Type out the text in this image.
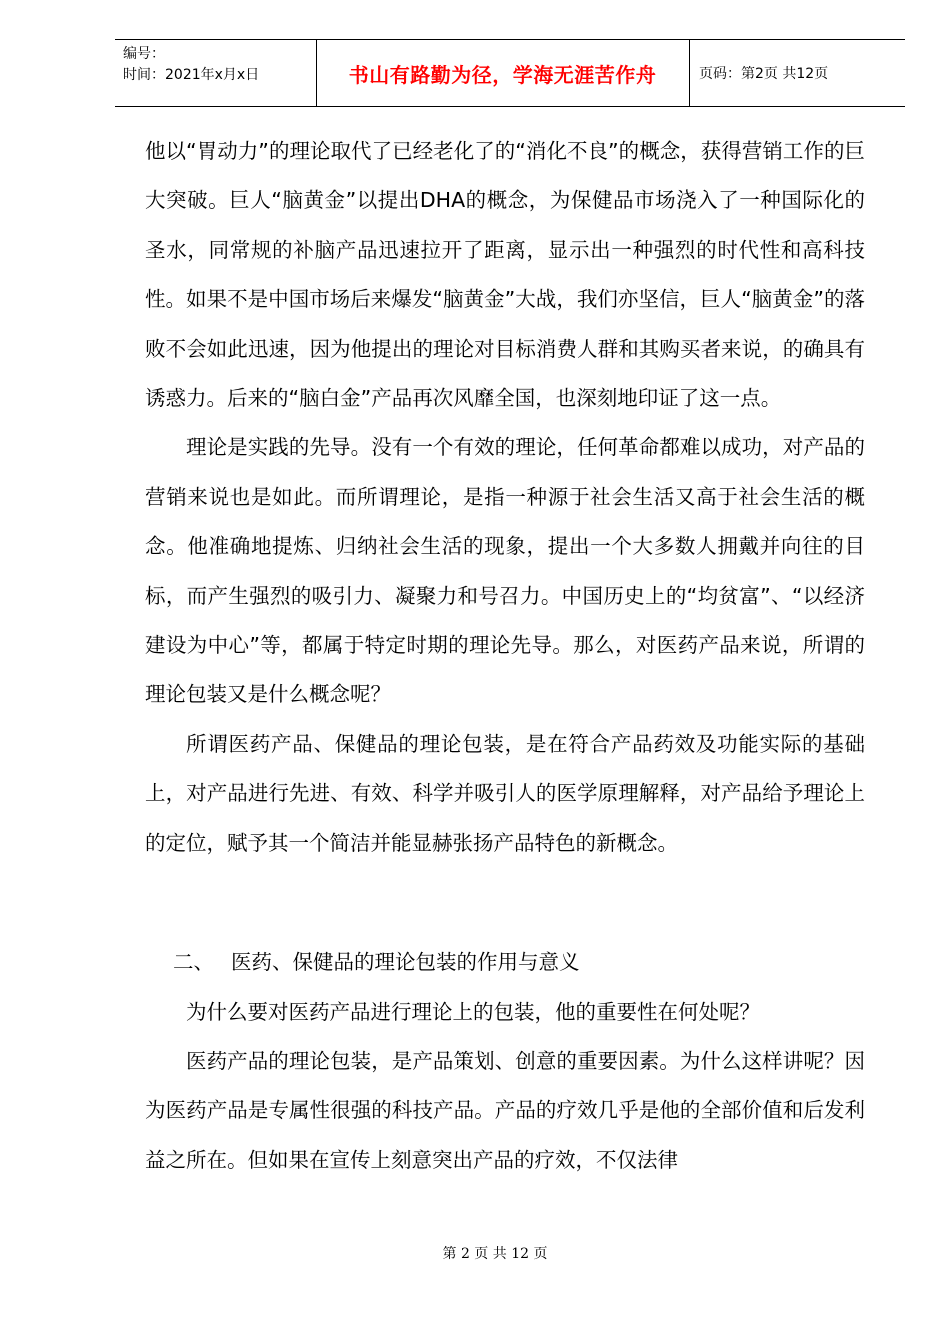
编号：
时间：2021年x月x日	书山有路勤为径，学海无涯苦作舟	页码：第2页 共12页

他以“胃动力”的理论取代了已经老化了的“消化不良”的概念，获得营销工作的巨大突破。巨人“脑黄金”以提出DHA的概念，为保健品市场浇入了一种国际化的圣水，同常规的补脑产品迅速拉开了距离，显示出一种强烈的时代性和高科技性。如果不是中国市场后来爆发“脑黄金”大战，我们亦坚信，巨人“脑黄金”的落败不会如此迅速，因为他提出的理论对目标消费人群和其购买者来说，的确具有诱惑力。后来的“脑白金”产品再次风靡全国，也深刻地印证了这一点。

理论是实践的先导。没有一个有效的理论，任何革命都难以成功，对产品的营销来说也是如此。而所谓理论，是指一种源于社会生活又高于社会生活的概念。他准确地提炼、归纳社会生活的现象，提出一个大多数人拥戴并向往的目标，而产生强烈的吸引力、凝聚力和号召力。中国历史上的“均贫富”、“以经济建设为中心”等，都属于特定时期的理论先导。那么，对医药产品来说，所谓的理论包装又是什么概念呢？

所谓医药产品、保健品的理论包装，是在符合产品药效及功能实际的基础上，对产品进行先进、有效、科学并吸引人的医学原理解释，对产品给予理论上的定位，赋予其一个简洁并能显赫张扬产品特色的新概念。

二、 医药、保健品的理论包装的作用与意义

为什么要对医药产品进行理论上的包装，他的重要性在何处呢？

医药产品的理论包装，是产品策划、创意的重要因素。为什么这样讲呢？因为医药产品是专属性很强的科技产品。产品的疗效几乎是他的全部价值和后发利益之所在。但如果在宣传上刻意突出产品的疗效，不仅法律

第 2 页 共 12 页
